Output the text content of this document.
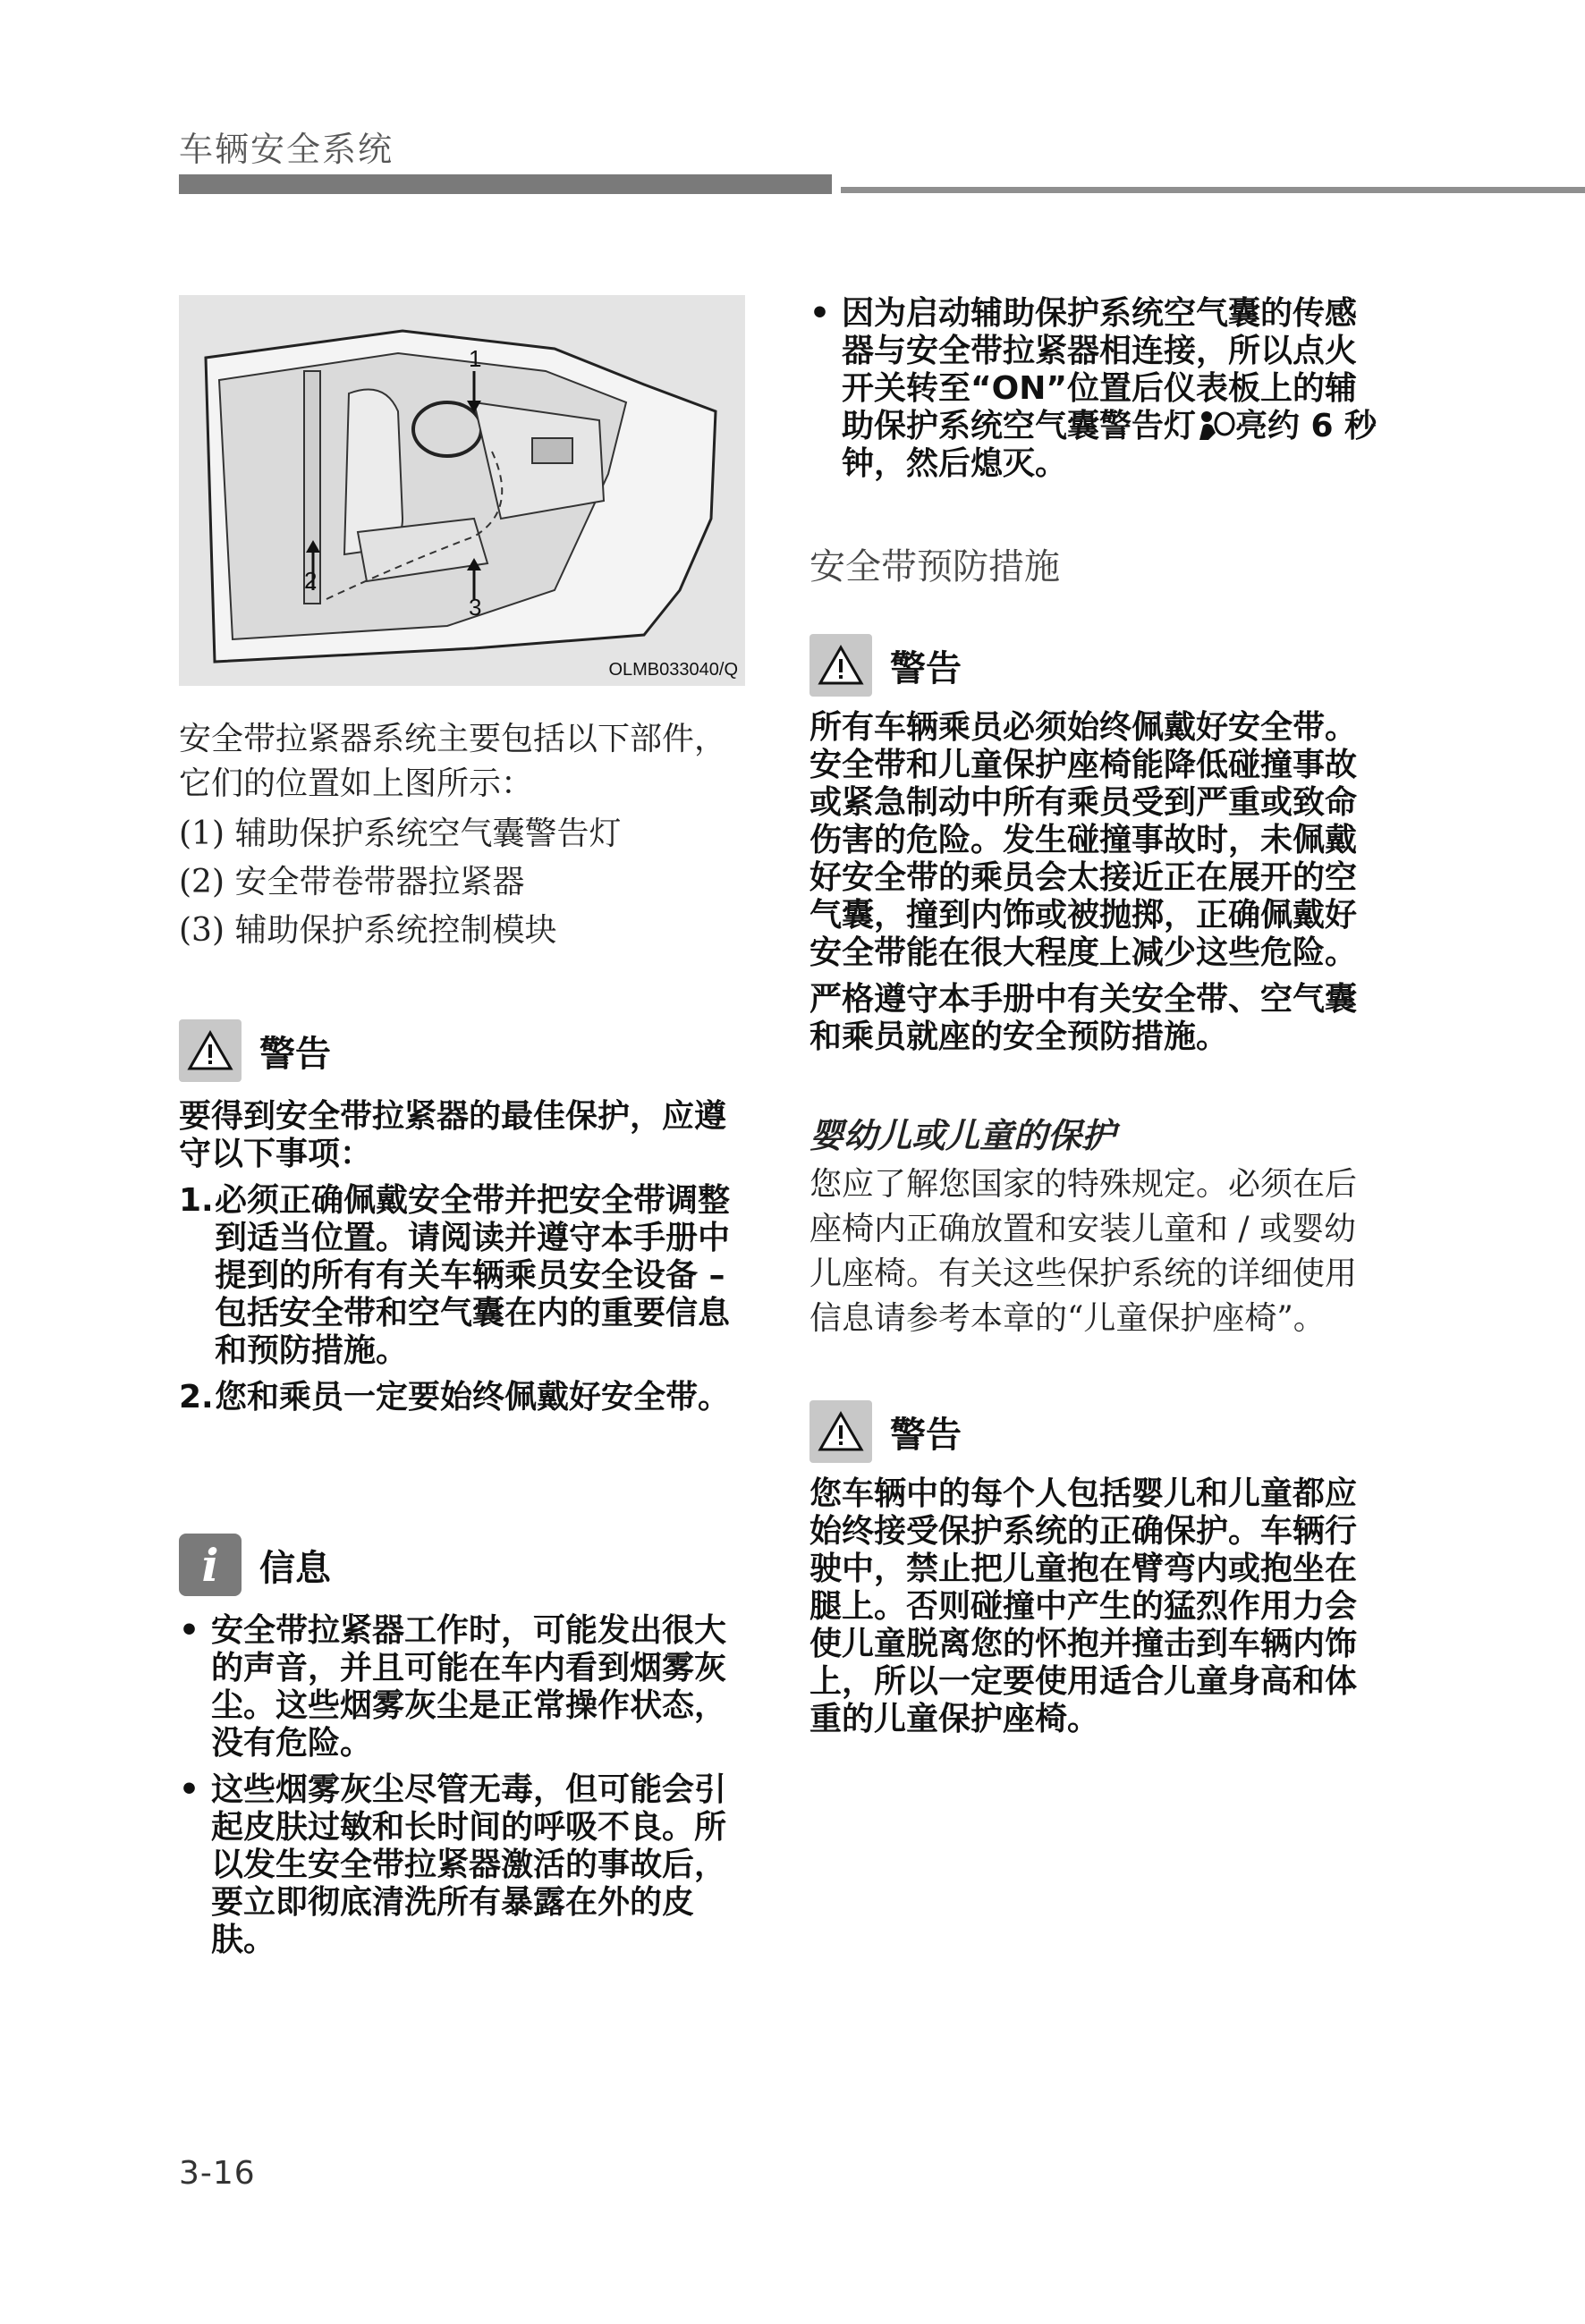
车辆安全系统
1
2
3
OLMB033040/Q
安全带拉紧器系统主要包括以下部件，它们的位置如上图所示：
(1) 辅助保护系统空气囊警告灯
(2) 安全带卷带器拉紧器
(3) 辅助保护系统控制模块
警告
要得到安全带拉紧器的最佳保护，应遵守以下事项：
1. 必须正确佩戴安全带并把安全带调整到适当位置。请阅读并遵守本手册中提到的所有有关车辆乘员安全设备 – 包括安全带和空气囊在内的重要信息和预防措施。
2. 您和乘员一定要始终佩戴好安全带。
i	信息
• 安全带拉紧器工作时，可能发出很大的声音，并且可能在车内看到烟雾灰尘。这些烟雾灰尘是正常操作状态，没有危险。
• 这些烟雾灰尘尽管无毒，但可能会引起皮肤过敏和长时间的呼吸不良。所以发生安全带拉紧器激活的事故后，要立即彻底清洗所有暴露在外的皮肤。
• 因为启动辅助保护系统空气囊的传感器与安全带拉紧器相连接，所以点火开关转至“ON”位置后仪表板上的辅助保护系统空气囊警告灯 亮约 6 秒钟，然后熄灭。
安全带预防措施
警告
所有车辆乘员必须始终佩戴好安全带。安全带和儿童保护座椅能降低碰撞事故或紧急制动中所有乘员受到严重或致命伤害的危险。发生碰撞事故时，未佩戴好安全带的乘员会太接近正在展开的空气囊，撞到内饰或被抛掷，正确佩戴好安全带能在很大程度上减少这些危险。
严格遵守本手册中有关安全带、空气囊和乘员就座的安全预防措施。
婴幼儿或儿童的保护
您应了解您国家的特殊规定。必须在后座椅内正确放置和安装儿童和 / 或婴幼儿座椅。有关这些保护系统的详细使用信息请参考本章的“儿童保护座椅”。
警告
您车辆中的每个人包括婴儿和儿童都应始终接受保护系统的正确保护。车辆行驶中，禁止把儿童抱在臂弯内或抱坐在腿上。否则碰撞中产生的猛烈作用力会使儿童脱离您的怀抱并撞击到车辆内饰上，所以一定要使用适合儿童身高和体重的儿童保护座椅。
3-16
